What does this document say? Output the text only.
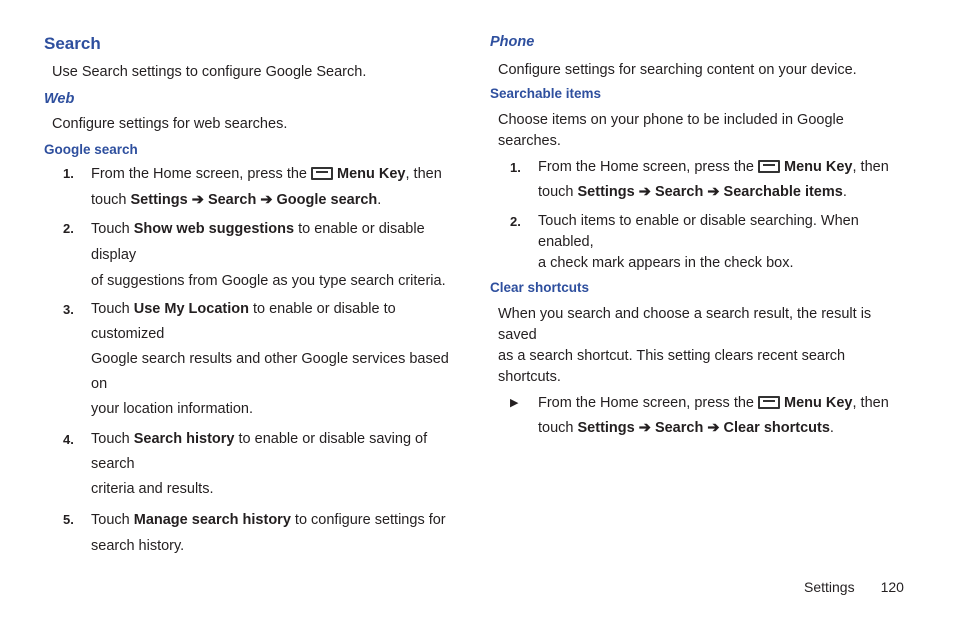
Search

Use Search settings to configure Google Search.

Web

Configure settings for web searches.

Google search
1. From the Home screen, press the Menu Key, then
touch Settings ➔ Search ➔ Google search.
2. Touch Show web suggestions to enable or disable display
of suggestions from Google as you type search criteria.
3. Touch Use My Location to enable or disable to customized
Google search results and other Google services based on
your location information.
4. Touch Search history to enable or disable saving of search
criteria and results.
5. Touch Manage search history to configure settings for
search history.
Phone

Configure settings for searching content on your device.

Searchable items

Choose items on your phone to be included in Google searches.

1. From the Home screen, press the Menu Key, then
touch Settings ➔ Search ➔ Searchable items.
2. Touch items to enable or disable searching. When enabled,
a check mark appears in the check box.
Clear shortcuts

When you search and choose a search result, the result is saved

as a search shortcut. This setting clears recent search shortcuts.

▶ From the Home screen, press the Menu Key, then
touch Settings ➔ Search ➔ Clear shortcuts.
Settings 120
